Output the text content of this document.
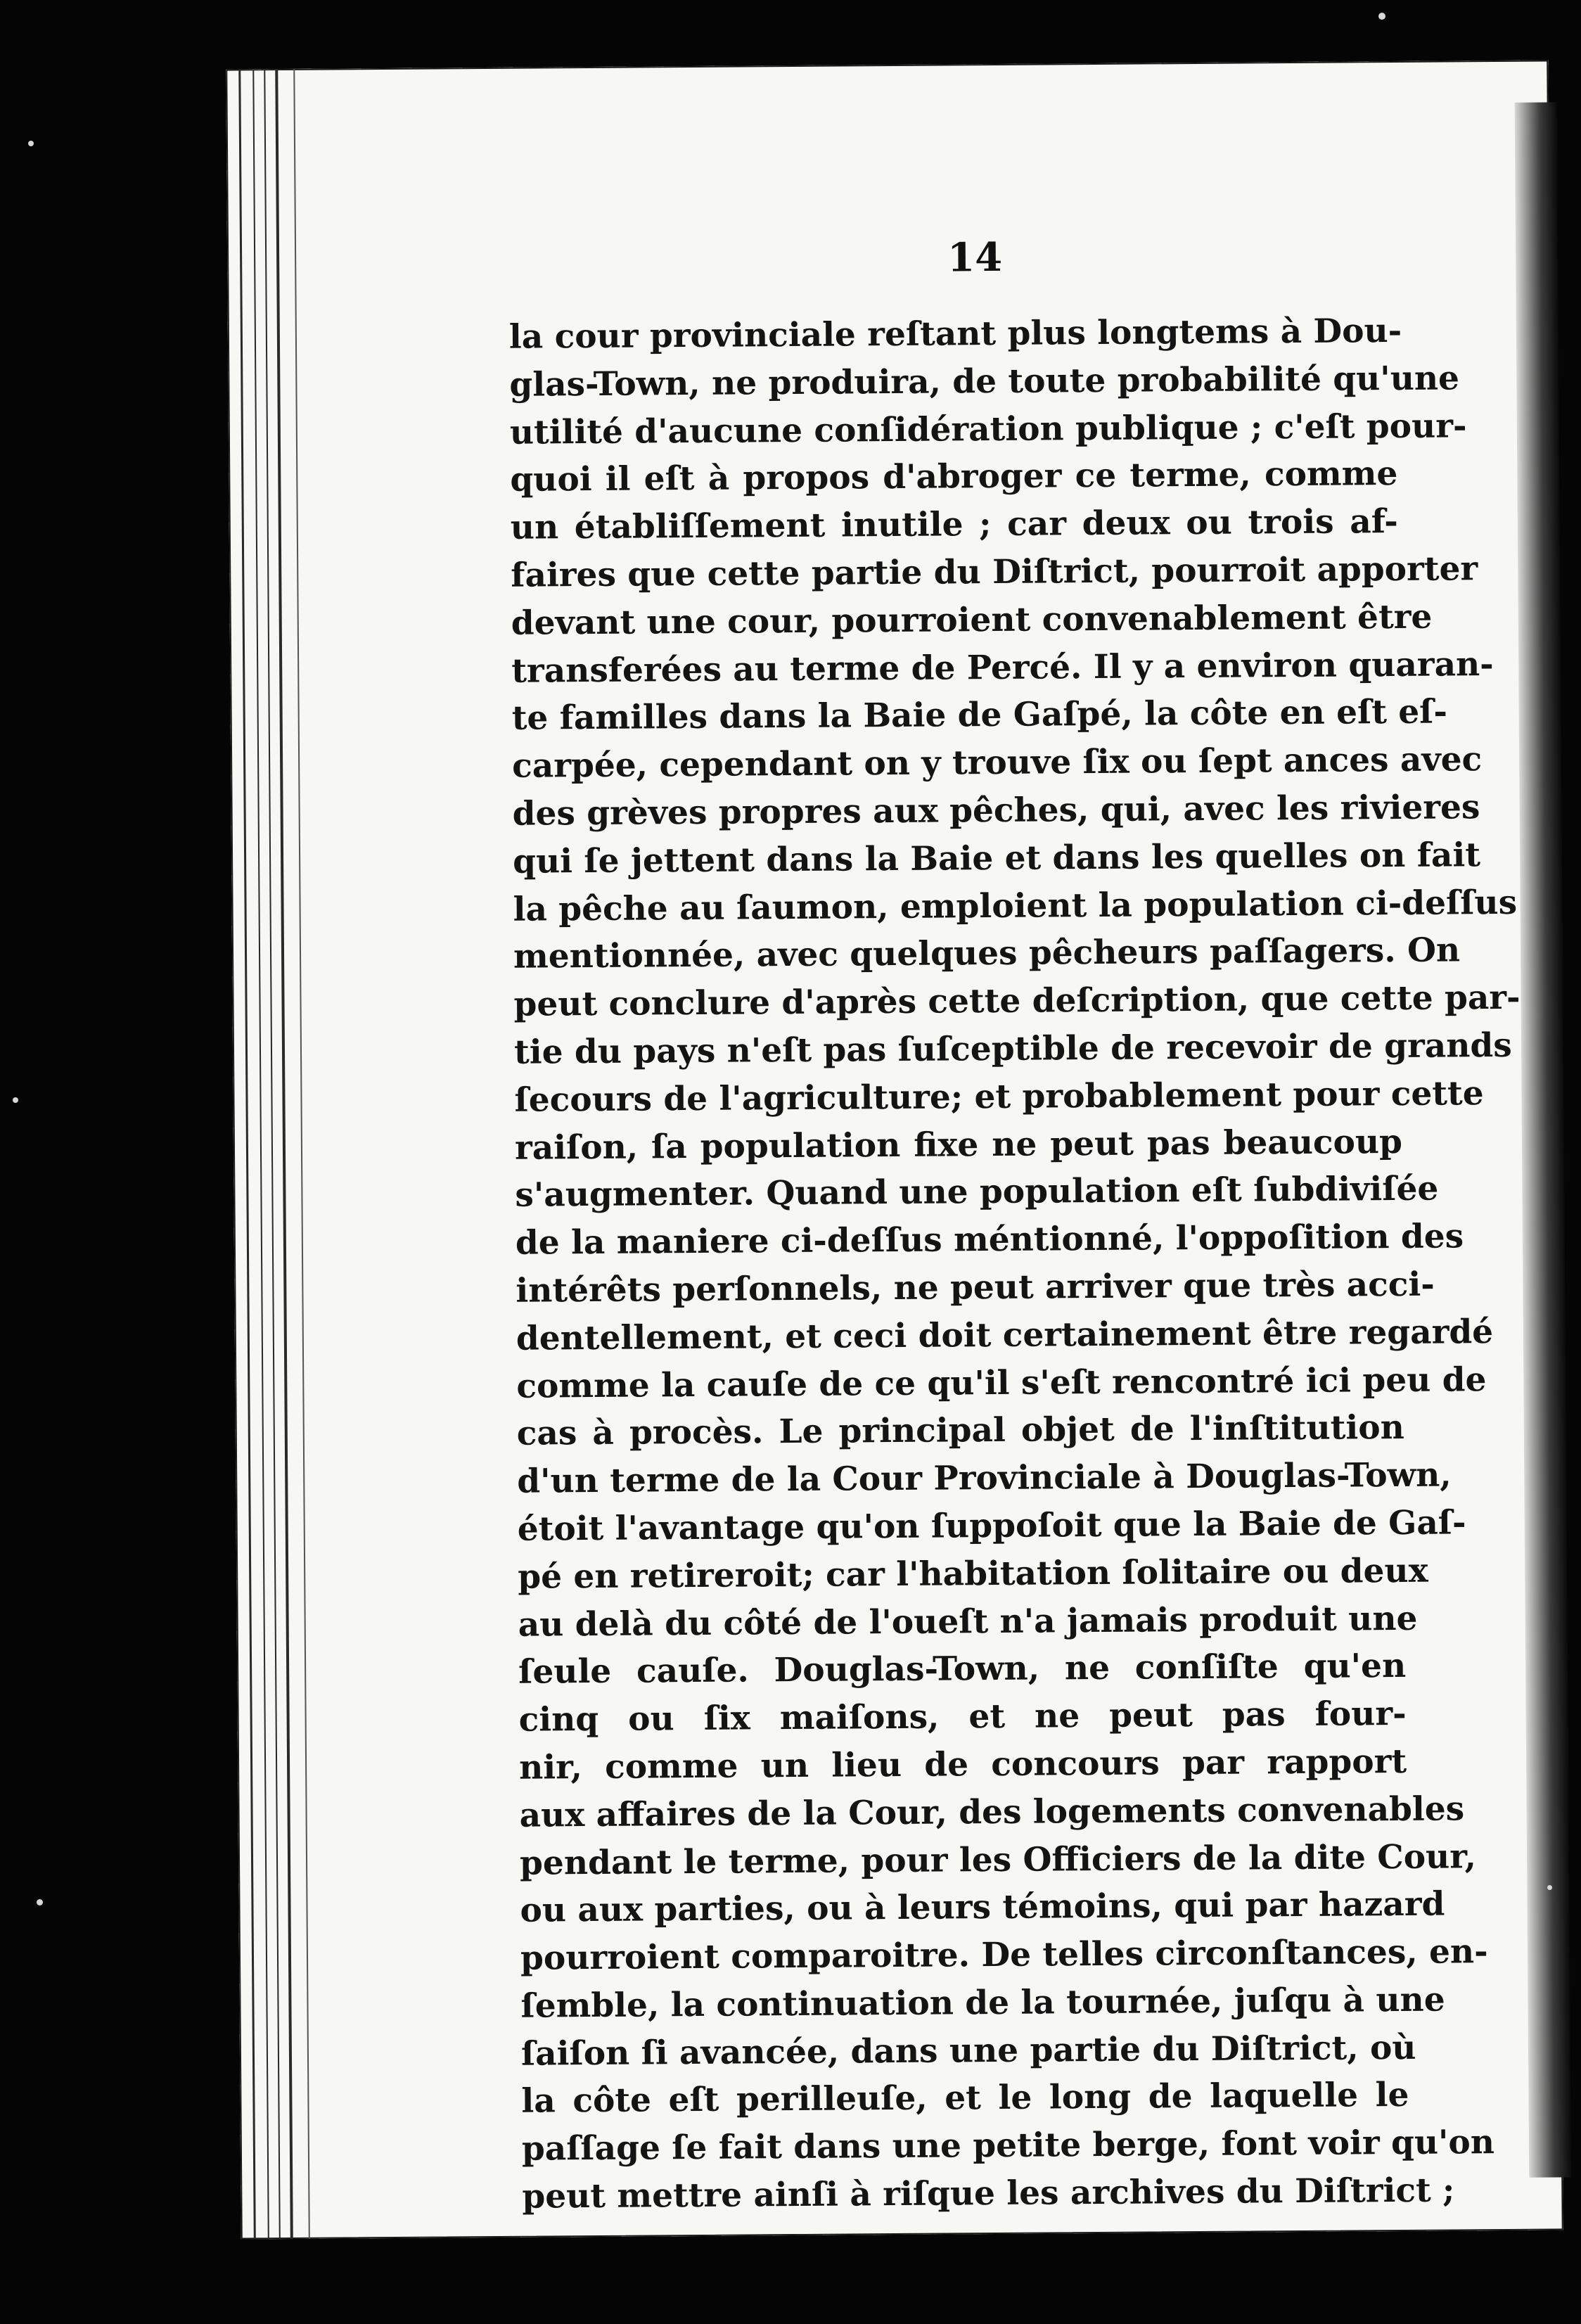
14
la cour provinciale reſtant plus longtems à Dou-
glas-Town, ne produira, de toute probabilité qu'une
utilité d'aucune conſidération publique ; c'eſt pour-
quoi il eſt à propos d'abroger ce terme, comme
un établiſſement inutile ; car deux ou trois af-
faires que cette partie du Diſtrict, pourroit apporter
devant une cour, pourroient convenablement être
transferées au terme de Percé. Il y a environ quaran-
te familles dans la Baie de Gaſpé, la côte en eſt eſ-
carpée, cependant on y trouve ſix ou ſept ances avec
des grèves propres aux pêches, qui, avec les rivieres
qui ſe jettent dans la Baie et dans les quelles on fait
la pêche au ſaumon, emploient la population ci-deſſus
mentionnée, avec quelques pêcheurs paſſagers. On
peut conclure d'après cette deſcription, que cette par-
tie du pays n'eſt pas ſuſceptible de recevoir de grands
ſecours de l'agriculture; et probablement pour cette
raiſon, ſa population fixe ne peut pas beaucoup
s'augmenter. Quand une population eſt ſubdiviſée
de la maniere ci-deſſus méntionné, l'oppoſition des
intérêts perſonnels, ne peut arriver que très acci-
dentellement, et ceci doit certainement être regardé
comme la cauſe de ce qu'il s'eſt rencontré ici peu de
cas à procès. Le principal objet de l'inſtitution
d'un terme de la Cour Provinciale à Douglas-Town,
étoit l'avantage qu'on ſuppoſoit que la Baie de Gaſ-
pé en retireroit; car l'habitation ſolitaire ou deux
au delà du côté de l'oueſt n'a jamais produit une
ſeule cauſe. Douglas-Town, ne conſiſte qu'en
cinq ou ſix maiſons, et ne peut pas four-
nir, comme un lieu de concours par rapport
aux affaires de la Cour, des logements convenables
pendant le terme, pour les Officiers de la dite Cour,
ou aux parties, ou à leurs témoins, qui par hazard
pourroient comparoitre. De telles circonſtances, en-
ſemble, la continuation de la tournée, juſqu à une
ſaiſon ſi avancée, dans une partie du Diſtrict, où
la côte eſt perilleuſe, et le long de laquelle le
paſſage ſe fait dans une petite berge, font voir qu'on
peut mettre ainſi à riſque les archives du Diſtrict ;
